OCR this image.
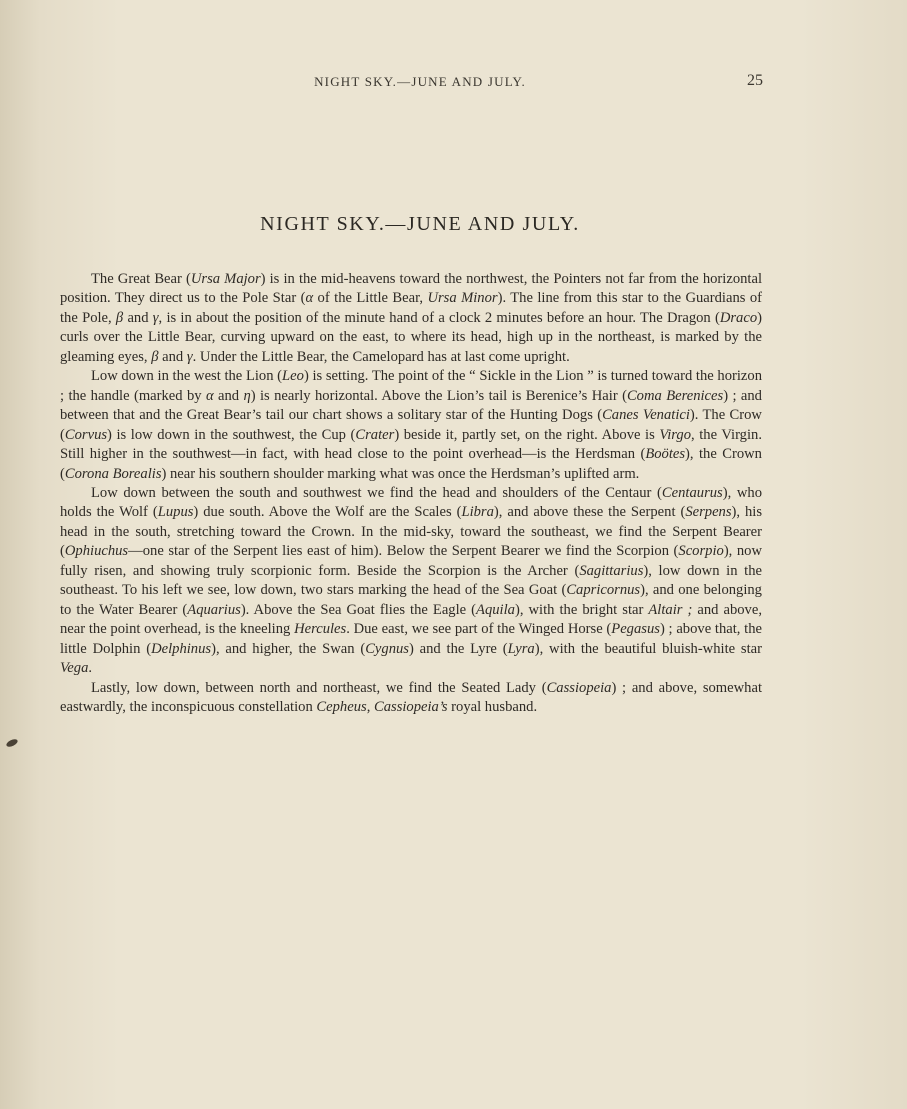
NIGHT SKY.—JUNE AND JULY.	25
NIGHT SKY.—JUNE AND JULY.

The Great Bear (Ursa Major) is in the mid-heavens toward the northwest, the Pointers not far from the horizontal position. They direct us to the Pole Star (α of the Little Bear, Ursa Minor). The line from this star to the Guardians of the Pole, β and γ, is in about the position of the minute hand of a clock 2 minutes before an hour. The Dragon (Draco) curls over the Little Bear, curving upward on the east, to where its head, high up in the northeast, is marked by the gleaming eyes, β and γ. Under the Little Bear, the Camelopard has at last come upright.

Low down in the west the Lion (Leo) is setting. The point of the “ Sickle in the Lion ” is turned toward the horizon ; the handle (marked by α and η) is nearly horizontal. Above the Lion’s tail is Berenice’s Hair (Coma Berenices) ; and between that and the Great Bear’s tail our chart shows a solitary star of the Hunting Dogs (Canes Venatici). The Crow (Corvus) is low down in the southwest, the Cup (Crater) beside it, partly set, on the right. Above is Virgo, the Virgin. Still higher in the southwest—in fact, with head close to the point overhead—is the Herdsman (Boötes), the Crown (Corona Borealis) near his southern shoulder marking what was once the Herdsman’s uplifted arm.

Low down between the south and southwest we find the head and shoulders of the Centaur (Centaurus), who holds the Wolf (Lupus) due south. Above the Wolf are the Scales (Libra), and above these the Serpent (Serpens), his head in the south, stretching toward the Crown. In the mid-sky, toward the southeast, we find the Serpent Bearer (Ophiuchus—one star of the Serpent lies east of him). Below the Serpent Bearer we find the Scorpion (Scorpio), now fully risen, and showing truly scorpionic form. Beside the Scorpion is the Archer (Sagittarius), low down in the southeast. To his left we see, low down, two stars marking the head of the Sea Goat (Capricornus), and one belonging to the Water Bearer (Aquarius). Above the Sea Goat flies the Eagle (Aquila), with the bright star Altair ; and above, near the point overhead, is the kneeling Hercules. Due east, we see part of the Winged Horse (Pegasus) ; above that, the little Dolphin (Delphinus), and higher, the Swan (Cygnus) and the Lyre (Lyra), with the beautiful bluish-white star Vega.

Lastly, low down, between north and northeast, we find the Seated Lady (Cassiopeia) ; and above, somewhat eastwardly, the inconspicuous constellation Cepheus, Cassiopeia’s royal husband.
